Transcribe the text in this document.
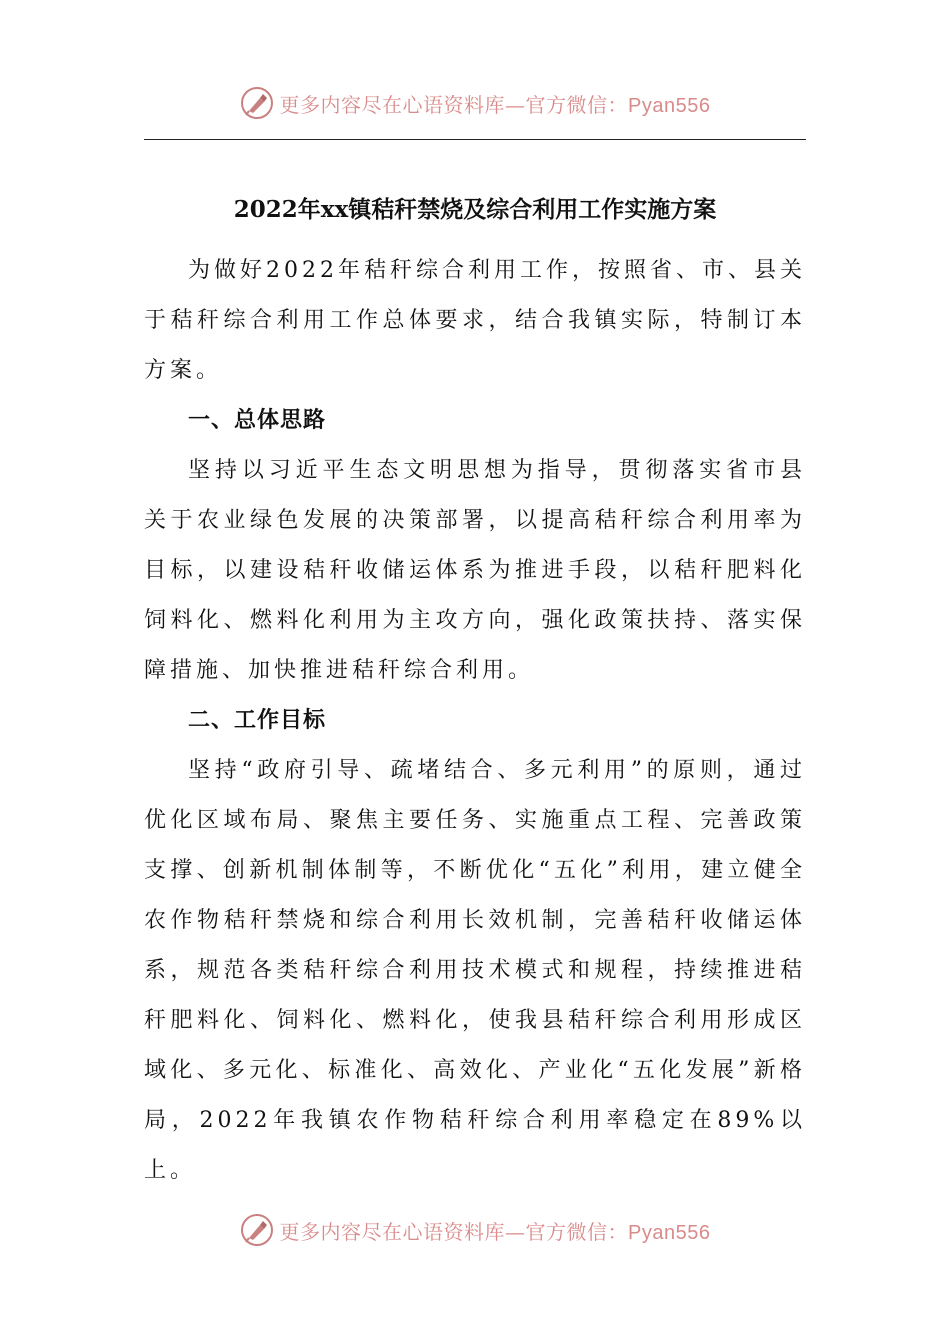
更多内容尽在心语资料库—官方微信：Pyan556
2022年xx镇秸秆禁烧及综合利用工作实施方案

为做好2022年秸秆综合利用工作，按照省、市、县关于秸秆综合利用工作总体要求，结合我镇实际，特制订本方案。

一、总体思路

坚持以习近平生态文明思想为指导，贯彻落实省市县关于农业绿色发展的决策部署，以提高秸秆综合利用率为目标，以建设秸秆收储运体系为推进手段，以秸秆肥料化饲料化、燃料化利用为主攻方向，强化政策扶持、落实保障措施、加快推进秸秆综合利用。

二、工作目标

坚持“政府引导、疏堵结合、多元利用”的原则，通过优化区域布局、聚焦主要任务、实施重点工程、完善政策支撑、创新机制体制等，不断优化“五化”利用，建立健全农作物秸秆禁烧和综合利用长效机制，完善秸秆收储运体系，规范各类秸秆综合利用技术模式和规程，持续推进秸秆肥料化、饲料化、燃料化，使我县秸秆综合利用形成区域化、多元化、标准化、高效化、产业化“五化发展”新格局，2022年我镇农作物秸秆综合利用率稳定在89%以上。

更多内容尽在心语资料库—官方微信：Pyan556
